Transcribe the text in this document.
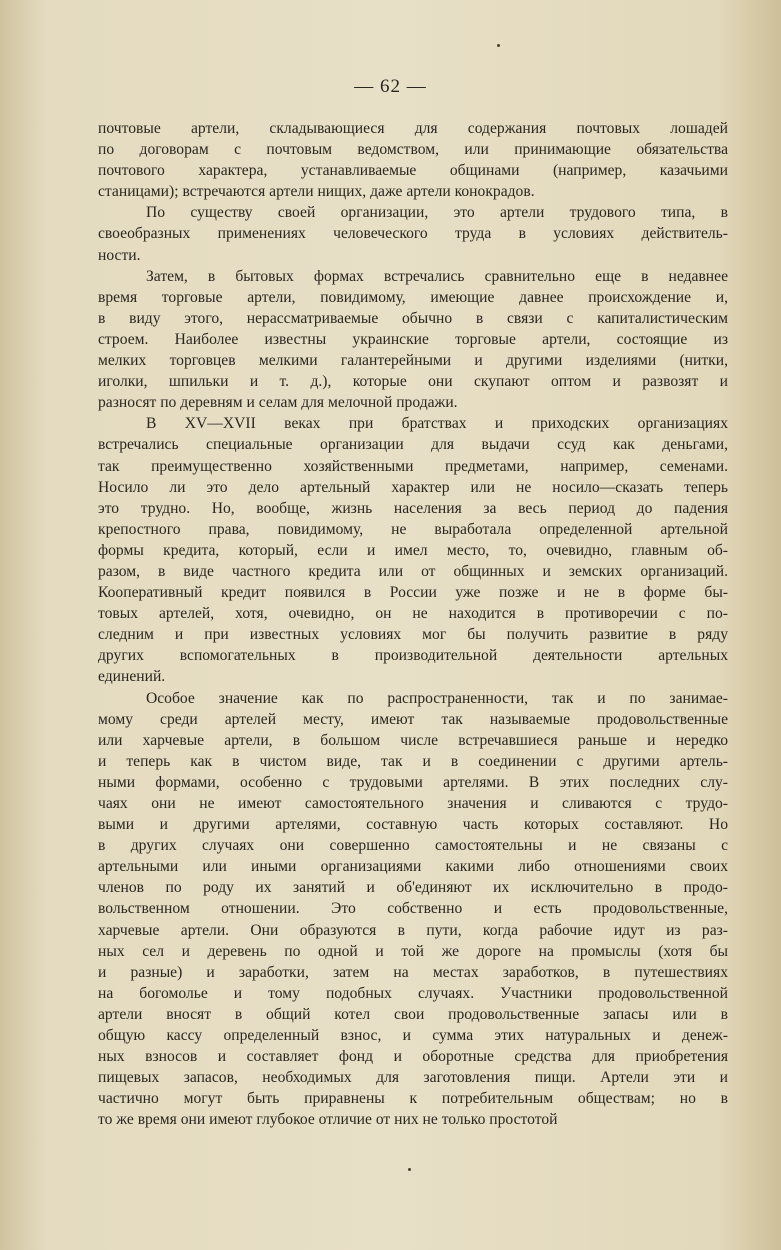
— 62 —
почтовые артели, складывающиеся для содержания почтовых лошадей
по договорам с почтовым ведомством, или принимающие обязательства
почтового характера, устанавливаемые общинами (например, казачьими
станицами); встречаются артели нищих, даже артели конокрадов.
По существу своей организации, это артели трудового типа, в
своеобразных применениях человеческого труда в условиях действитель-
ности.
Затем, в бытовых формах встречались сравнительно еще в недавнее
время торговые артели, повидимому, имеющие давнее происхождение и,
в виду этого, нерассматриваемые обычно в связи с капиталистическим
строем. Наиболее известны украинские торговые артели, состоящие из
мелких торговцев мелкими галантерейными и другими изделиями (нитки,
иголки, шпильки и т. д.), которые они скупают оптом и развозят и
разносят по деревням и селам для мелочной продажи.
В XV—XVII веках при братствах и приходских организациях
встречались специальные организации для выдачи ссуд как деньгами,
так преимущественно хозяйственными предметами, например, семенами.
Носило ли это дело артельный характер или не носило—сказать теперь
это трудно. Но, вообще, жизнь населения за весь период до падения
крепостного права, повидимому, не выработала определенной артельной
формы кредита, который, если и имел место, то, очевидно, главным об-
разом, в виде частного кредита или от общинных и земских организаций.
Кооперативный кредит появился в России уже позже и не в форме бы-
товых артелей, хотя, очевидно, он не находится в противоречии с по-
следним и при известных условиях мог бы получить развитие в ряду
других вспомогательных в производительной деятельности артельных
единений.
Особое значение как по распространенности, так и по занимае-
мому среди артелей месту, имеют так называемые продовольственные
или харчевые артели, в большом числе встречавшиеся раньше и нередко
и теперь как в чистом виде, так и в соединении с другими артель-
ными формами, особенно с трудовыми артелями. В этих последних слу-
чаях они не имеют самостоятельного значения и сливаются с трудо-
выми и другими артелями, составную часть которых составляют. Но
в других случаях они совершенно самостоятельны и не связаны с
артельными или иными организациями какими либо отношениями своих
членов по роду их занятий и об'единяют их исключительно в продо-
вольственном отношении. Это собственно и есть продовольственные,
харчевые артели. Они образуются в пути, когда рабочие идут из раз-
ных сел и деревень по одной и той же дороге на промыслы (хотя бы
и разные) и заработки, затем на местах заработков, в путешествиях
на богомолье и тому подобных случаях. Участники продовольственной
артели вносят в общий котел свои продовольственные запасы или в
общую кассу определенный взнос, и сумма этих натуральных и денеж-
ных взносов и составляет фонд и оборотные средства для приобретения
пищевых запасов, необходимых для заготовления пищи. Артели эти и
частично могут быть приравнены к потребительным обществам; но в
то же время они имеют глубокое отличие от них не только простотой
